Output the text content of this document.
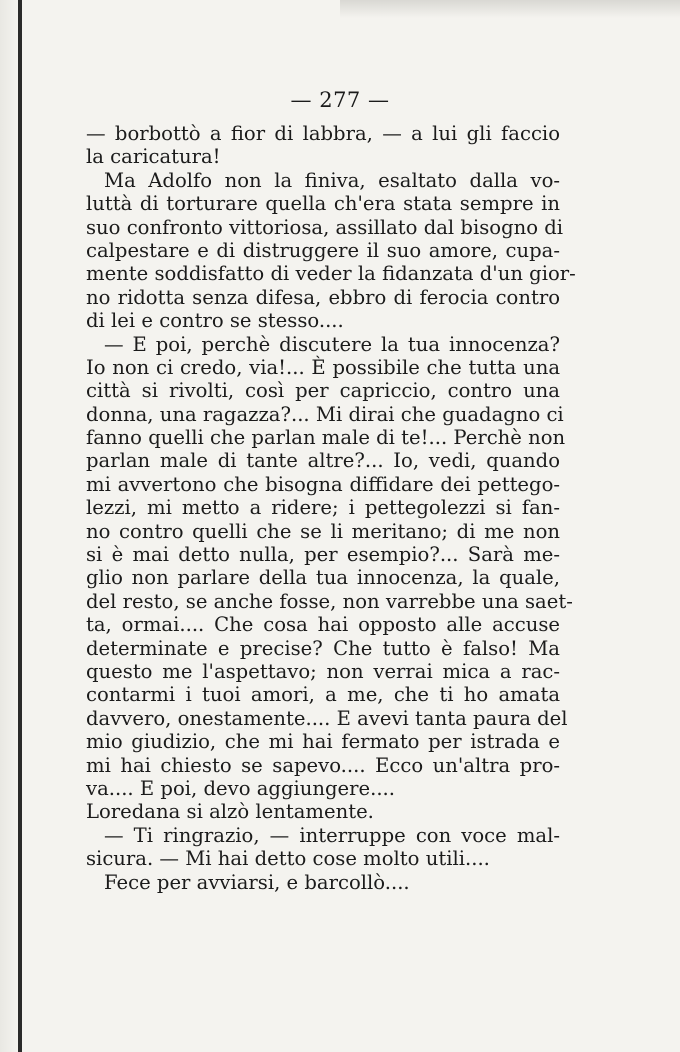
— 277 —
— borbottò a fior di labbra, — a lui gli faccio
la caricatura!
Ma Adolfo non la finiva, esaltato dalla vo-
luttà di torturare quella ch'era stata sempre in
suo confronto vittoriosa, assillato dal bisogno di
calpestare e di distruggere il suo amore, cupa-
mente soddisfatto di veder la fidanzata d'un gior-
no ridotta senza difesa, ebbro di ferocia contro
di lei e contro se stesso....
— E poi, perchè discutere la tua innocenza?
Io non ci credo, via!... È possibile che tutta una
città si rivolti, così per capriccio, contro una
donna, una ragazza?... Mi dirai che guadagno ci
fanno quelli che parlan male di te!... Perchè non
parlan male di tante altre?... Io, vedi, quando
mi avvertono che bisogna diffidare dei pettego-
lezzi, mi metto a ridere; i pettegolezzi si fan-
no contro quelli che se li meritano; di me non
si è mai detto nulla, per esempio?... Sarà me-
glio non parlare della tua innocenza, la quale,
del resto, se anche fosse, non varrebbe una saet-
ta, ormai.... Che cosa hai opposto alle accuse
determinate e precise? Che tutto è falso! Ma
questo me l'aspettavo; non verrai mica a rac-
contarmi i tuoi amori, a me, che ti ho amata
davvero, onestamente.... E avevi tanta paura del
mio giudizio, che mi hai fermato per istrada e
mi hai chiesto se sapevo.... Ecco un'altra pro-
va.... E poi, devo aggiungere....
Loredana si alzò lentamente.
— Ti ringrazio, — interruppe con voce mal-
sicura. — Mi hai detto cose molto utili....
Fece per avviarsi, e barcollò....
